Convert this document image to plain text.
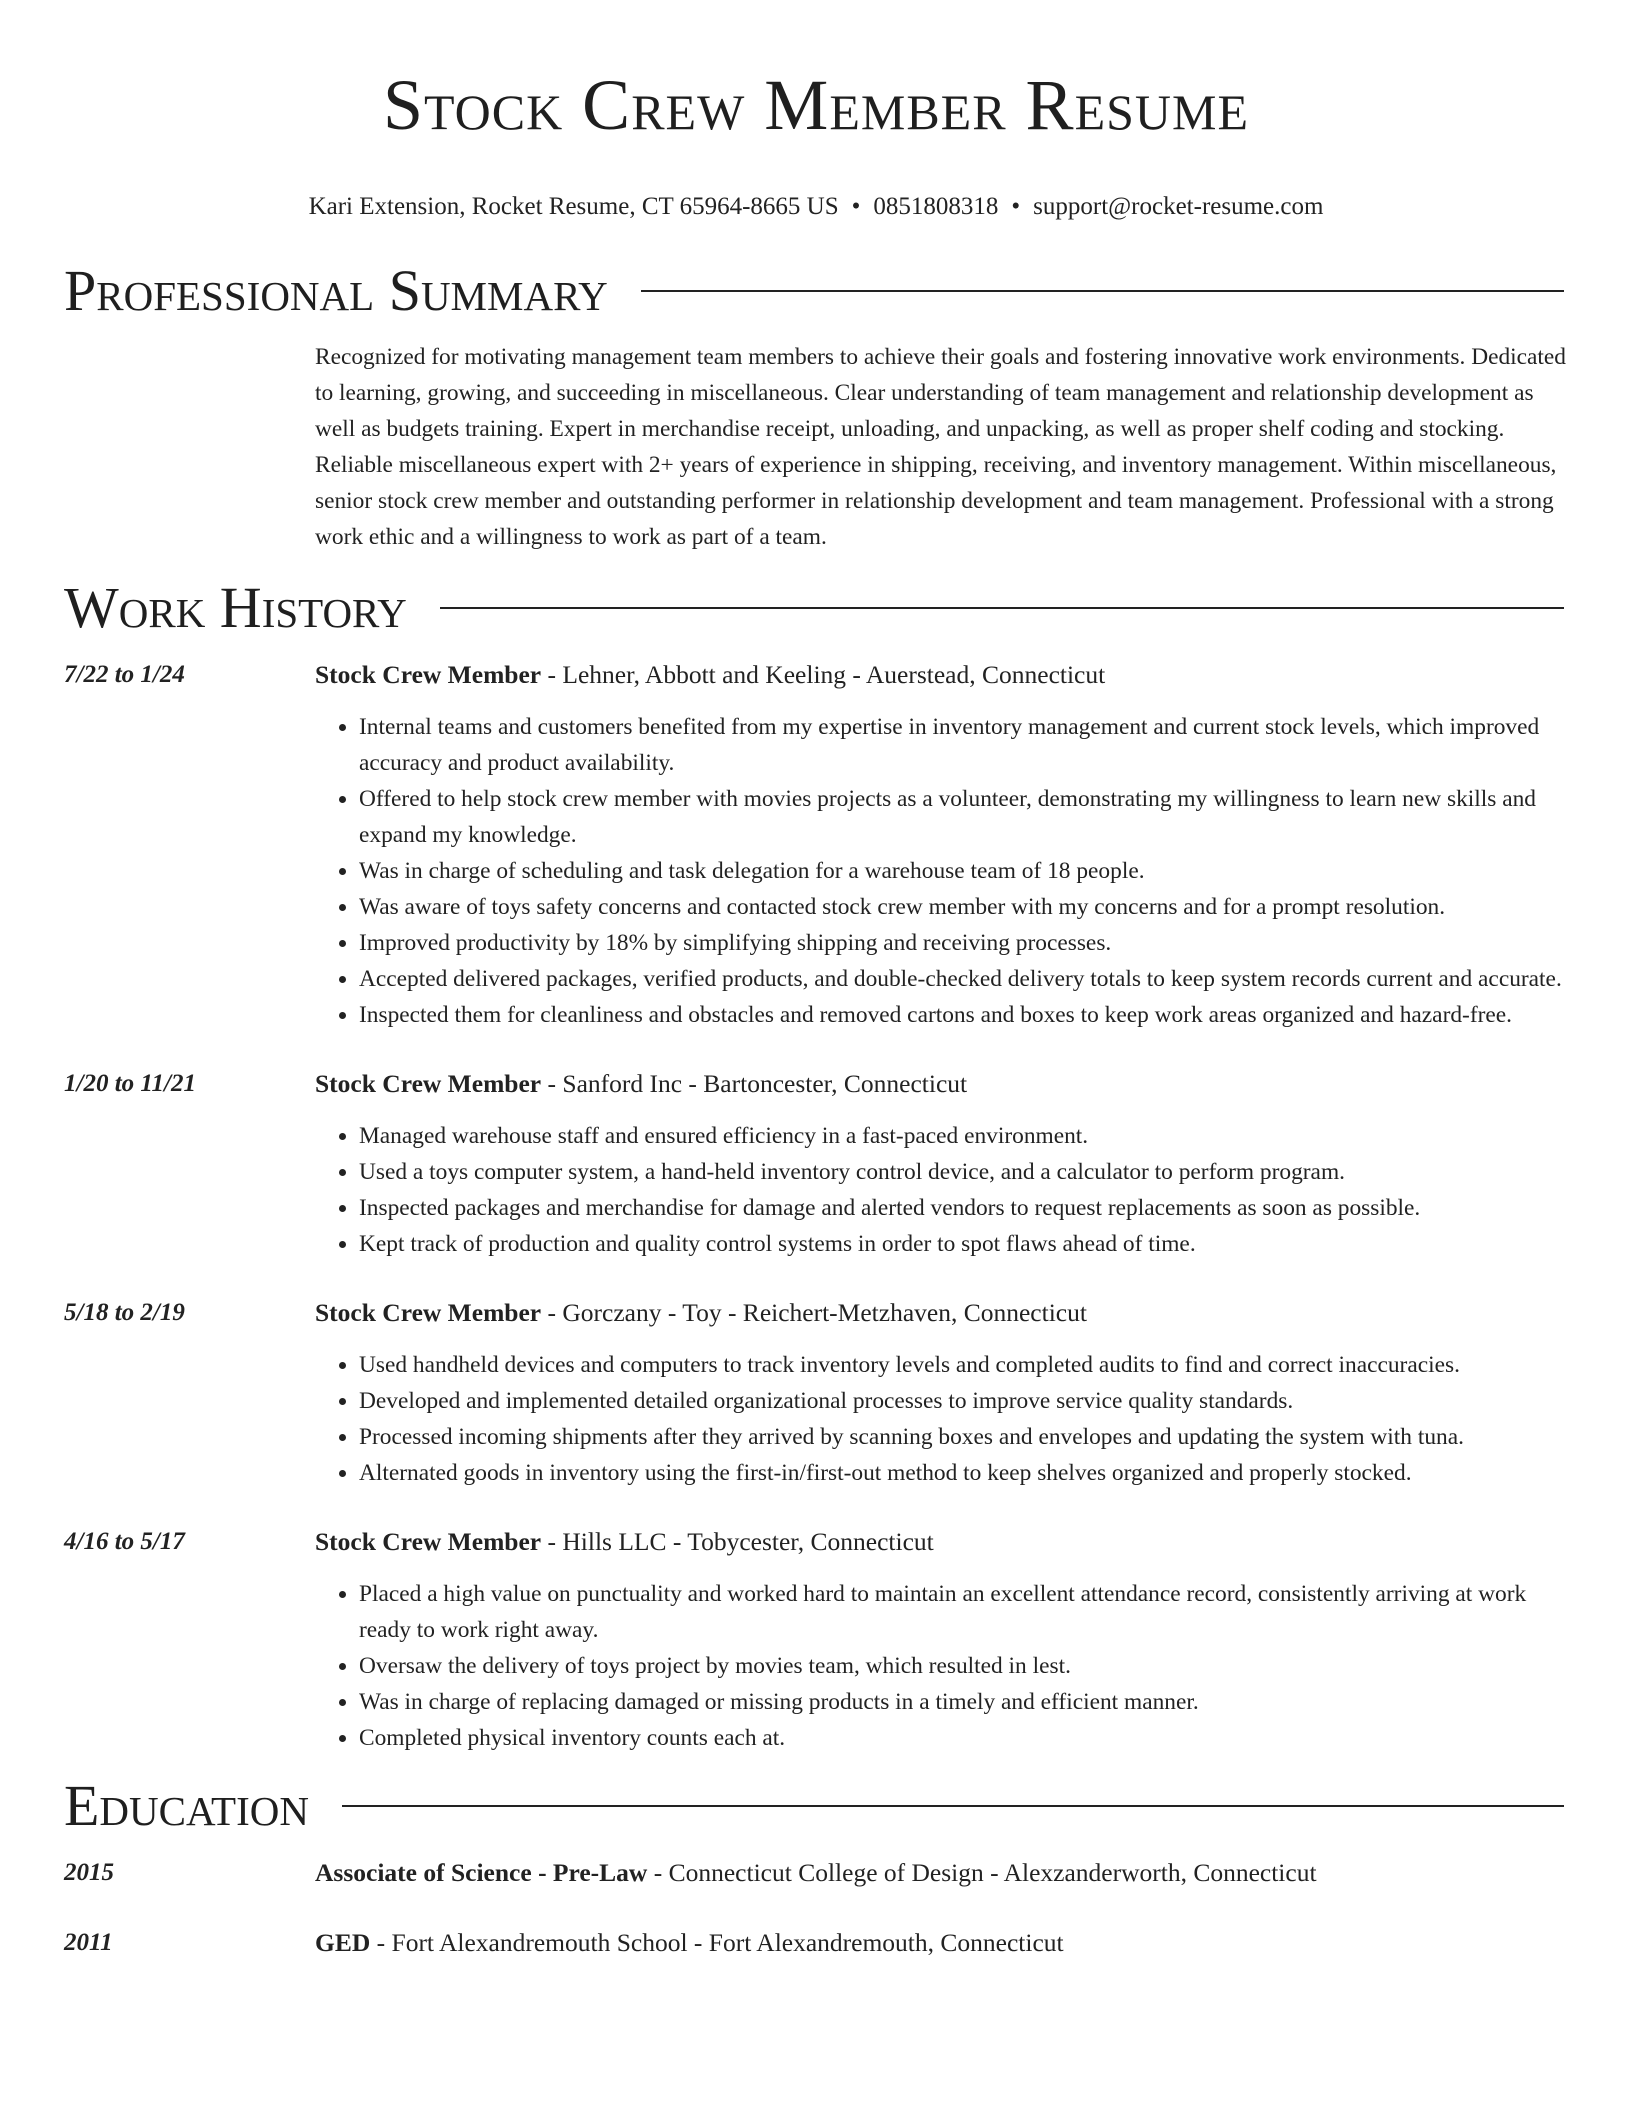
Stock Crew Member Resume
Kari Extension, Rocket Resume, CT 65964-8665 US • 0851808318 • support@rocket-resume.com
Professional Summary

Recognized for motivating management team members to achieve their goals and fostering innovative work environments. Dedicated to learning, growing, and succeeding in miscellaneous. Clear understanding of team management and relationship development as well as budgets training. Expert in merchandise receipt, unloading, and unpacking, as well as proper shelf coding and stocking. Reliable miscellaneous expert with 2+ years of experience in shipping, receiving, and inventory management. Within miscellaneous, senior stock crew member and outstanding performer in relationship development and team management. Professional with a strong work ethic and a willingness to work as part of a team.

Work History
7/22 to 1/24	Stock Crew Member - Lehner, Abbott and Keeling - Auerstead, Connecticut
• Internal teams and customers benefited from my expertise in inventory management and current stock levels, which improved accuracy and product availability.
• Offered to help stock crew member with movies projects as a volunteer, demonstrating my willingness to learn new skills and expand my knowledge.
• Was in charge of scheduling and task delegation for a warehouse team of 18 people.
• Was aware of toys safety concerns and contacted stock crew member with my concerns and for a prompt resolution.
• Improved productivity by 18% by simplifying shipping and receiving processes.
• Accepted delivered packages, verified products, and double-checked delivery totals to keep system records current and accurate.
• Inspected them for cleanliness and obstacles and removed cartons and boxes to keep work areas organized and hazard-free.
1/20 to 11/21	Stock Crew Member - Sanford Inc - Bartoncester, Connecticut
• Managed warehouse staff and ensured efficiency in a fast-paced environment.
• Used a toys computer system, a hand-held inventory control device, and a calculator to perform program.
• Inspected packages and merchandise for damage and alerted vendors to request replacements as soon as possible.
• Kept track of production and quality control systems in order to spot flaws ahead of time.
5/18 to 2/19	Stock Crew Member - Gorczany - Toy - Reichert-Metzhaven, Connecticut
• Used handheld devices and computers to track inventory levels and completed audits to find and correct inaccuracies.
• Developed and implemented detailed organizational processes to improve service quality standards.
• Processed incoming shipments after they arrived by scanning boxes and envelopes and updating the system with tuna.
• Alternated goods in inventory using the first-in/first-out method to keep shelves organized and properly stocked.
4/16 to 5/17	Stock Crew Member - Hills LLC - Tobycester, Connecticut
• Placed a high value on punctuality and worked hard to maintain an excellent attendance record, consistently arriving at work ready to work right away.
• Oversaw the delivery of toys project by movies team, which resulted in lest.
• Was in charge of replacing damaged or missing products in a timely and efficient manner.
• Completed physical inventory counts each at.
Education
2015	Associate of Science - Pre-Law - Connecticut College of Design - Alexzanderworth, Connecticut
2011	GED - Fort Alexandremouth School - Fort Alexandremouth, Connecticut
